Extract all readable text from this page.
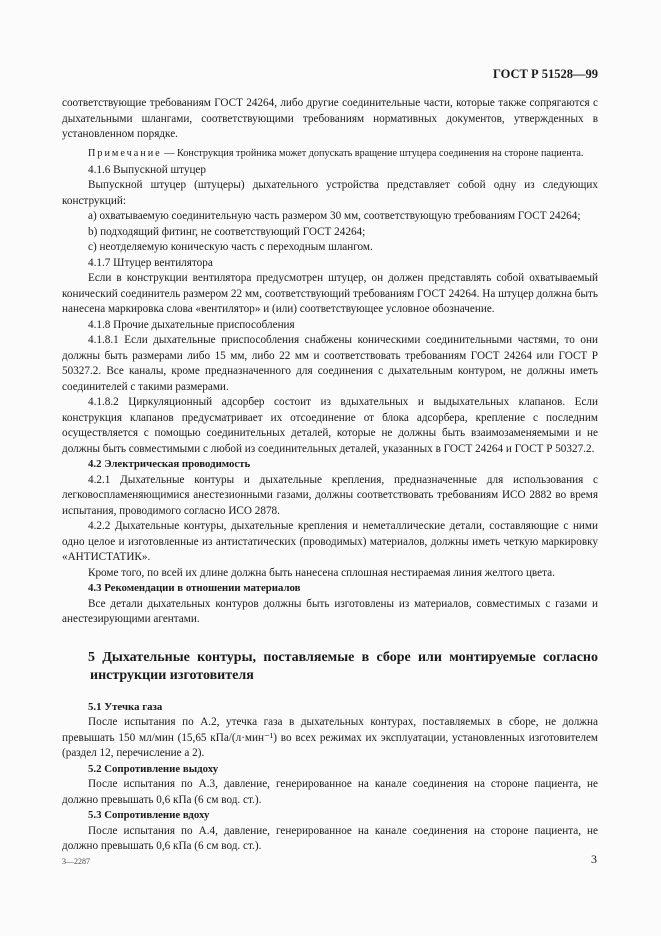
ГОСТ Р 51528—99

соответствующие требованиям ГОСТ 24264, либо другие соединительные части, которые также сопрягаются с дыхательными шлангами, соответствующими требованиям нормативных документов, утвержденных в установленном порядке.

Примечание — Конструкция тройника может допускать вращение штуцера соединения на стороне пациента.

4.1.6 Выпускной штуцер

Выпускной штуцер (штуцеры) дыхательного устройства представляет собой одну из следующих конструкций:

а) охватываемую соединительную часть размером 30 мм, соответствующую требованиям ГОСТ 24264;

b) подходящий фитинг, не соответствующий ГОСТ 24264;

с) неотделяемую коническую часть с переходным шлангом.

4.1.7 Штуцер вентилятора

Если в конструкции вентилятора предусмотрен штуцер, он должен представлять собой охватываемый конический соединитель размером 22 мм, соответствующий требованиям ГОСТ 24264. На штуцер должна быть нанесена маркировка слова «вентилятор» и (или) соответствующее условное обозначение.

4.1.8 Прочие дыхательные приспособления

4.1.8.1 Если дыхательные приспособления снабжены коническими соединительными частями, то они должны быть размерами либо 15 мм, либо 22 мм и соответствовать требованиям ГОСТ 24264 или ГОСТ Р 50327.2. Все каналы, кроме предназначенного для соединения с дыхательным контуром, не должны иметь соединителей с такими размерами.

4.1.8.2 Циркуляционный адсорбер состоит из вдыхательных и выдыхательных клапанов. Если конструкция клапанов предусматривает их отсоединение от блока адсорбера, крепление с последним осуществляется с помощью соединительных деталей, которые не должны быть взаимозаменяемыми и не должны быть совместимыми с любой из соединительных деталей, указанных в ГОСТ 24264 и ГОСТ Р 50327.2.

4.2 Электрическая проводимость

4.2.1 Дыхательные контуры и дыхательные крепления, предназначенные для использования с легковоспламеняющимися анестезионными газами, должны соответствовать требованиям ИСО 2882 во время испытания, проводимого согласно ИСО 2878.

4.2.2 Дыхательные контуры, дыхательные крепления и неметаллические детали, составляющие с ними одно целое и изготовленные из антистатических (проводимых) материалов, должны иметь четкую маркировку «АНТИСТАТИК».

Кроме того, по всей их длине должна быть нанесена сплошная нестираемая линия желтого цвета.

4.3 Рекомендации в отношении материалов

Все детали дыхательных контуров должны быть изготовлены из материалов, совместимых с газами и анестезирующими агентами.

5 Дыхательные контуры, поставляемые в сборе или монтируемые согласно
инструкции изготовителя

5.1 Утечка газа

После испытания по А.2, утечка газа в дыхательных контурах, поставляемых в сборе, не должна превышать 150 мл/мин (15,65 кПа/(л·мин⁻¹) во всех режимах их эксплуатации, установленных изготовителем (раздел 12, перечисление а 2).

5.2 Сопротивление выдоху

После испытания по А.3, давление, генерированное на канале соединения на стороне пациента, не должно превышать 0,6 кПа (6 см вод. ст.).

5.3 Сопротивление вдоху

После испытания по А.4, давление, генерированное на канале соединения на стороне пациента, не должно превышать 0,6 кПа (6 см вод. ст.).

3—2287	3
